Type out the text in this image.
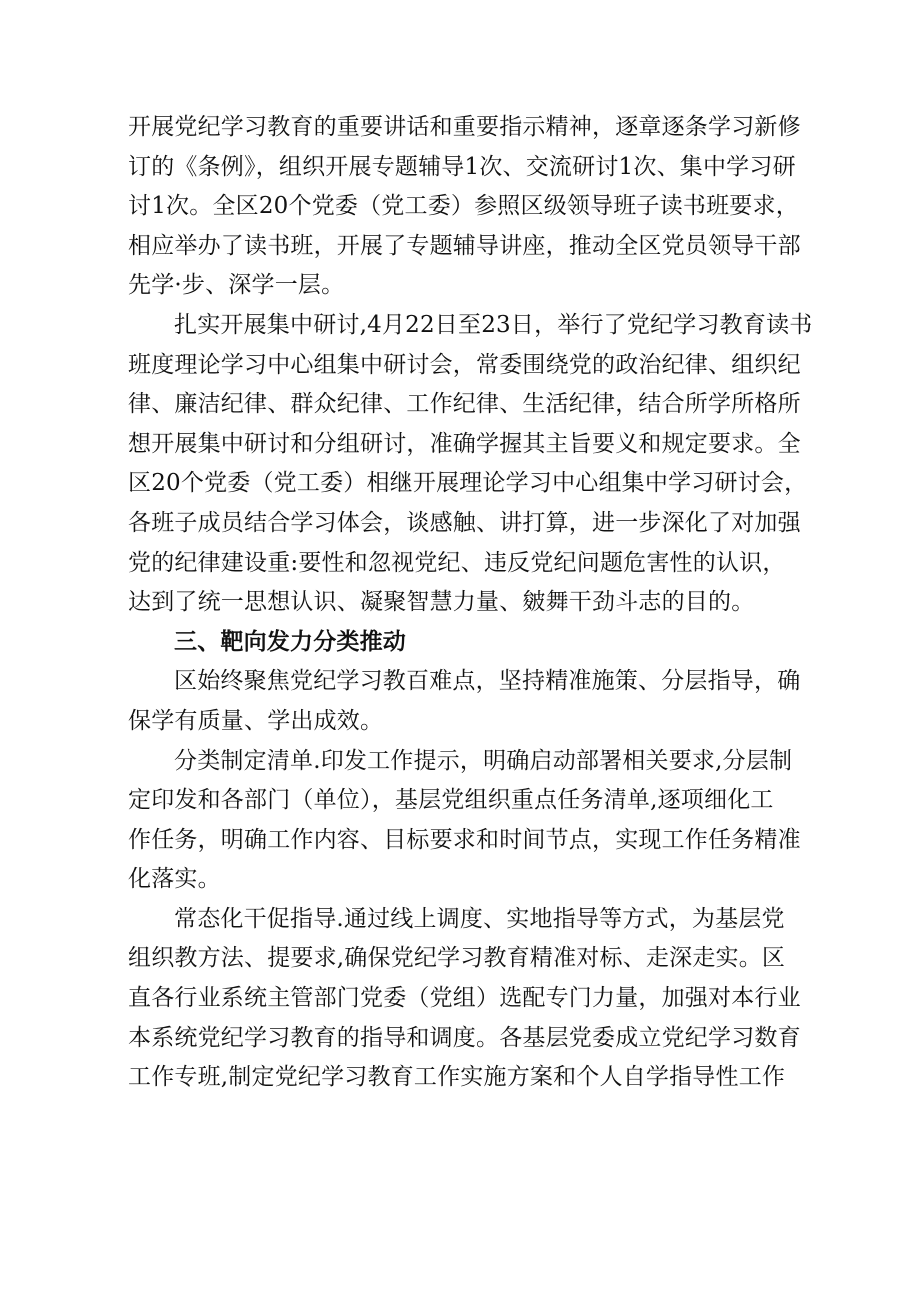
开展党纪学习教育的重要讲话和重要指示精神，逐章逐条学习新修
订的《条例》，组织开展专题辅导1次、交流研讨1次、集中学习研
讨1次。全区20个党委（党工委）参照区级领导班子读书班要求，
相应举办了读书班，开展了专题辅导讲座，推动全区党员领导干部
先学·步、深学一层。
扎实开展集中研讨,4月22日至23日，举行了党纪学习教育读书
班度理论学习中心组集中研讨会，常委围绕党的政治纪律、组织纪
律、廉洁纪律、群众纪律、工作纪律、生活纪律，结合所学所格所
想开展集中研讨和分组研讨，准确学握其主旨要义和规定要求。全
区20个党委（党工委）相继开展理论学习中心组集中学习研讨会，
各班子成员结合学习体会，谈感触、讲打算，进一步深化了对加强
党的纪律建设重:要性和忽视党纪、违反党纪问题危害性的认识，
达到了统一思想认识、凝聚智慧力量、皴舞干劲斗志的目的。
三、靶向发力分类推动
区始终聚焦党纪学习教百难点，坚持精准施策、分层指导，确
保学有质量、学出成效。
分类制定清单.印发工作提示，明确启动部署相关要求,分层制
定印发和各部门（单位），基层党组织重点任务清单,逐项细化工
作任务，明确工作内容、目标要求和时间节点，实现工作任务精准
化落实。
常态化干促指导.通过线上调度、实地指导等方式，为基层党
组织教方法、提要求,确保党纪学习教育精准对标、走深走实。区
直各行业系统主管部门党委（党组）选配专门力量，加强对本行业
本系统党纪学习教育的指导和调度。各基层党委成立党纪学习数育
工作专班,制定党纪学习教育工作实施方案和个人自学指导性工作
